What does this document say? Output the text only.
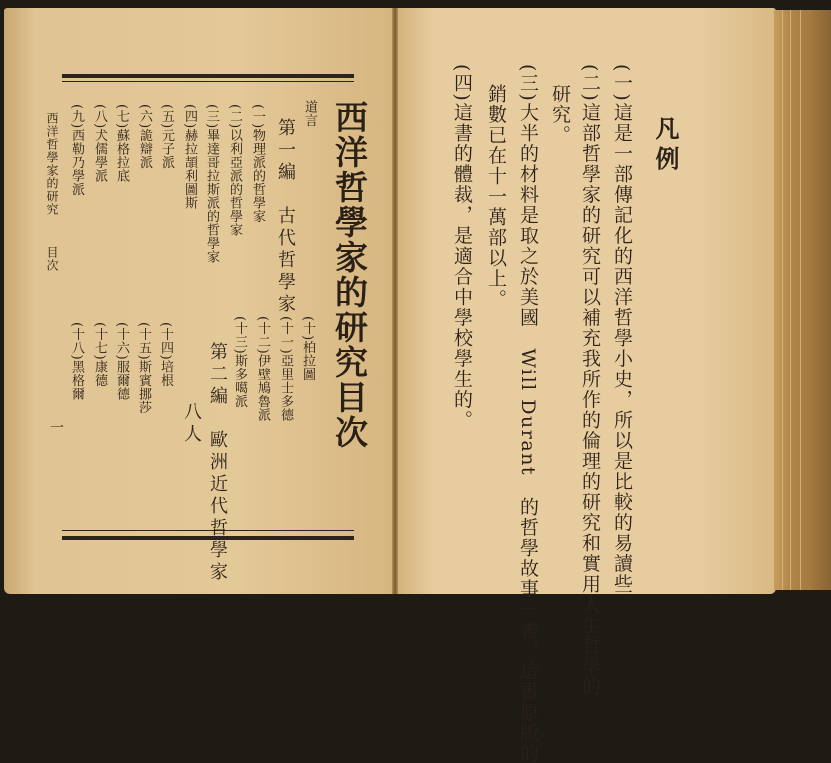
西洋哲學家的研究目次
道言
第一編　古代哲學家
(一)物理派的哲學家
(二)以利亞派的哲學家
(三)畢達哥拉斯派的哲學家
(四)赫拉頡利圖斯
(五)元子派
(六)詭辯派
(七)蘇格拉底
(八)犬儒學派
(九)西勒乃學派
西洋哲學家的研究
目次
一
(十)柏拉圖
(十一)亞里士多德
(十二)伊壁鳩魯派
(十三)斯多噶派
第二編　歐洲近代哲學家
八人
(十四)培根
(十五)斯賓挪莎
(十六)服爾德
(十七)康德
(十八)黑格爾
凡例
(一)這是一部傳記化的西洋哲學小史，所以是比較的易讀些。
(二)這部哲學家的研究可以補充我所作的倫理的研究和實用人生哲學的
研究。
(三)大半的材料是取之於美國　Will Durant　的哲學故事一書，這書原版的
銷數已在十一萬部以上。
(四)這書的體裁，是適合中學校學生的。
